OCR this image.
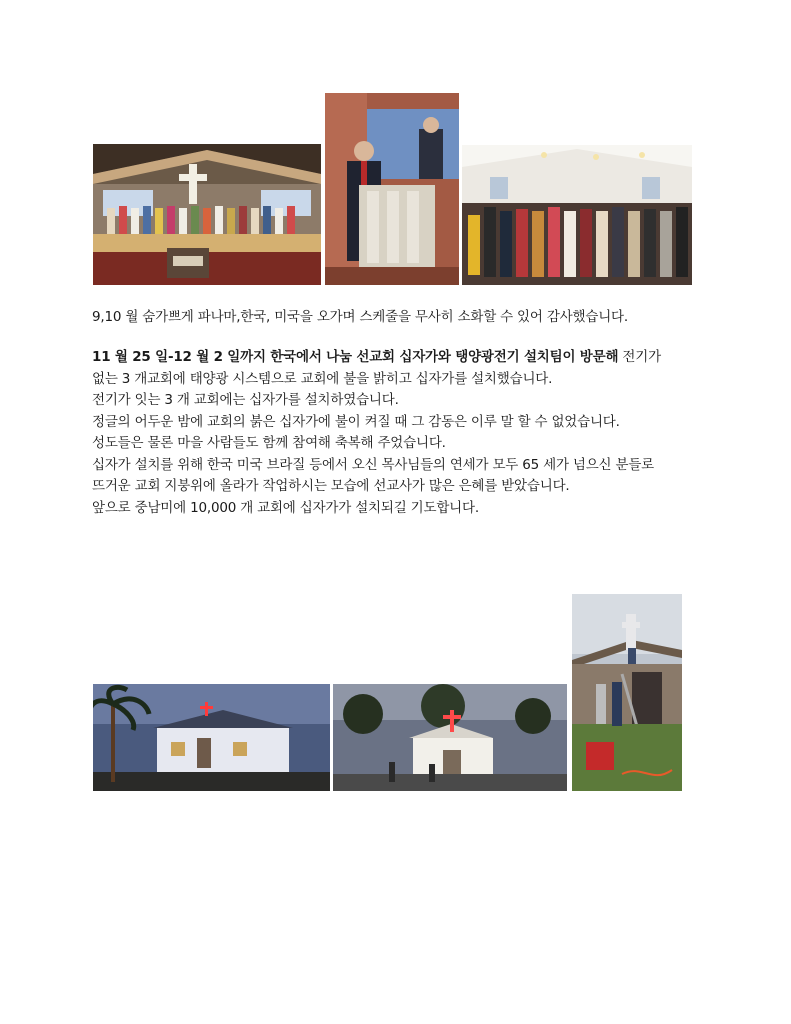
9,10 월 숨가쁘게 파나마,한국, 미국을 오가며 스케줄을 무사히 소화할 수 있어 감사했습니다.
11 월 25 일-12 월 2 일까지 한국에서 나눔 선교회 십자가와 탱양광전기 설치팀이 방문해 전기가
없는 3 개교회에 태양광 시스템으로 교회에 불을 밝히고 십자가를 설치했습니다.
전기가 잇는 3 개 교회에는 십자가를 설치하였습니다.
정글의 어두운 밤에 교회의 붉은 십자가에 불이 켜질 때 그 감동은 이루 말 할 수 없었습니다.
성도들은 물론 마을 사람들도 함께 참여해 축복해 주었습니다.
십자가 설치를 위해 한국 미국 브라질 등에서 오신 목사님들의 연세가 모두 65 세가 넘으신 분들로
뜨거운 교회 지붕위에 올라가 작업하시는 모습에 선교사가 많은 은혜를 받았습니다.
앞으로 중남미에 10,000 개 교회에 십자가가 설치되길 기도합니다.
